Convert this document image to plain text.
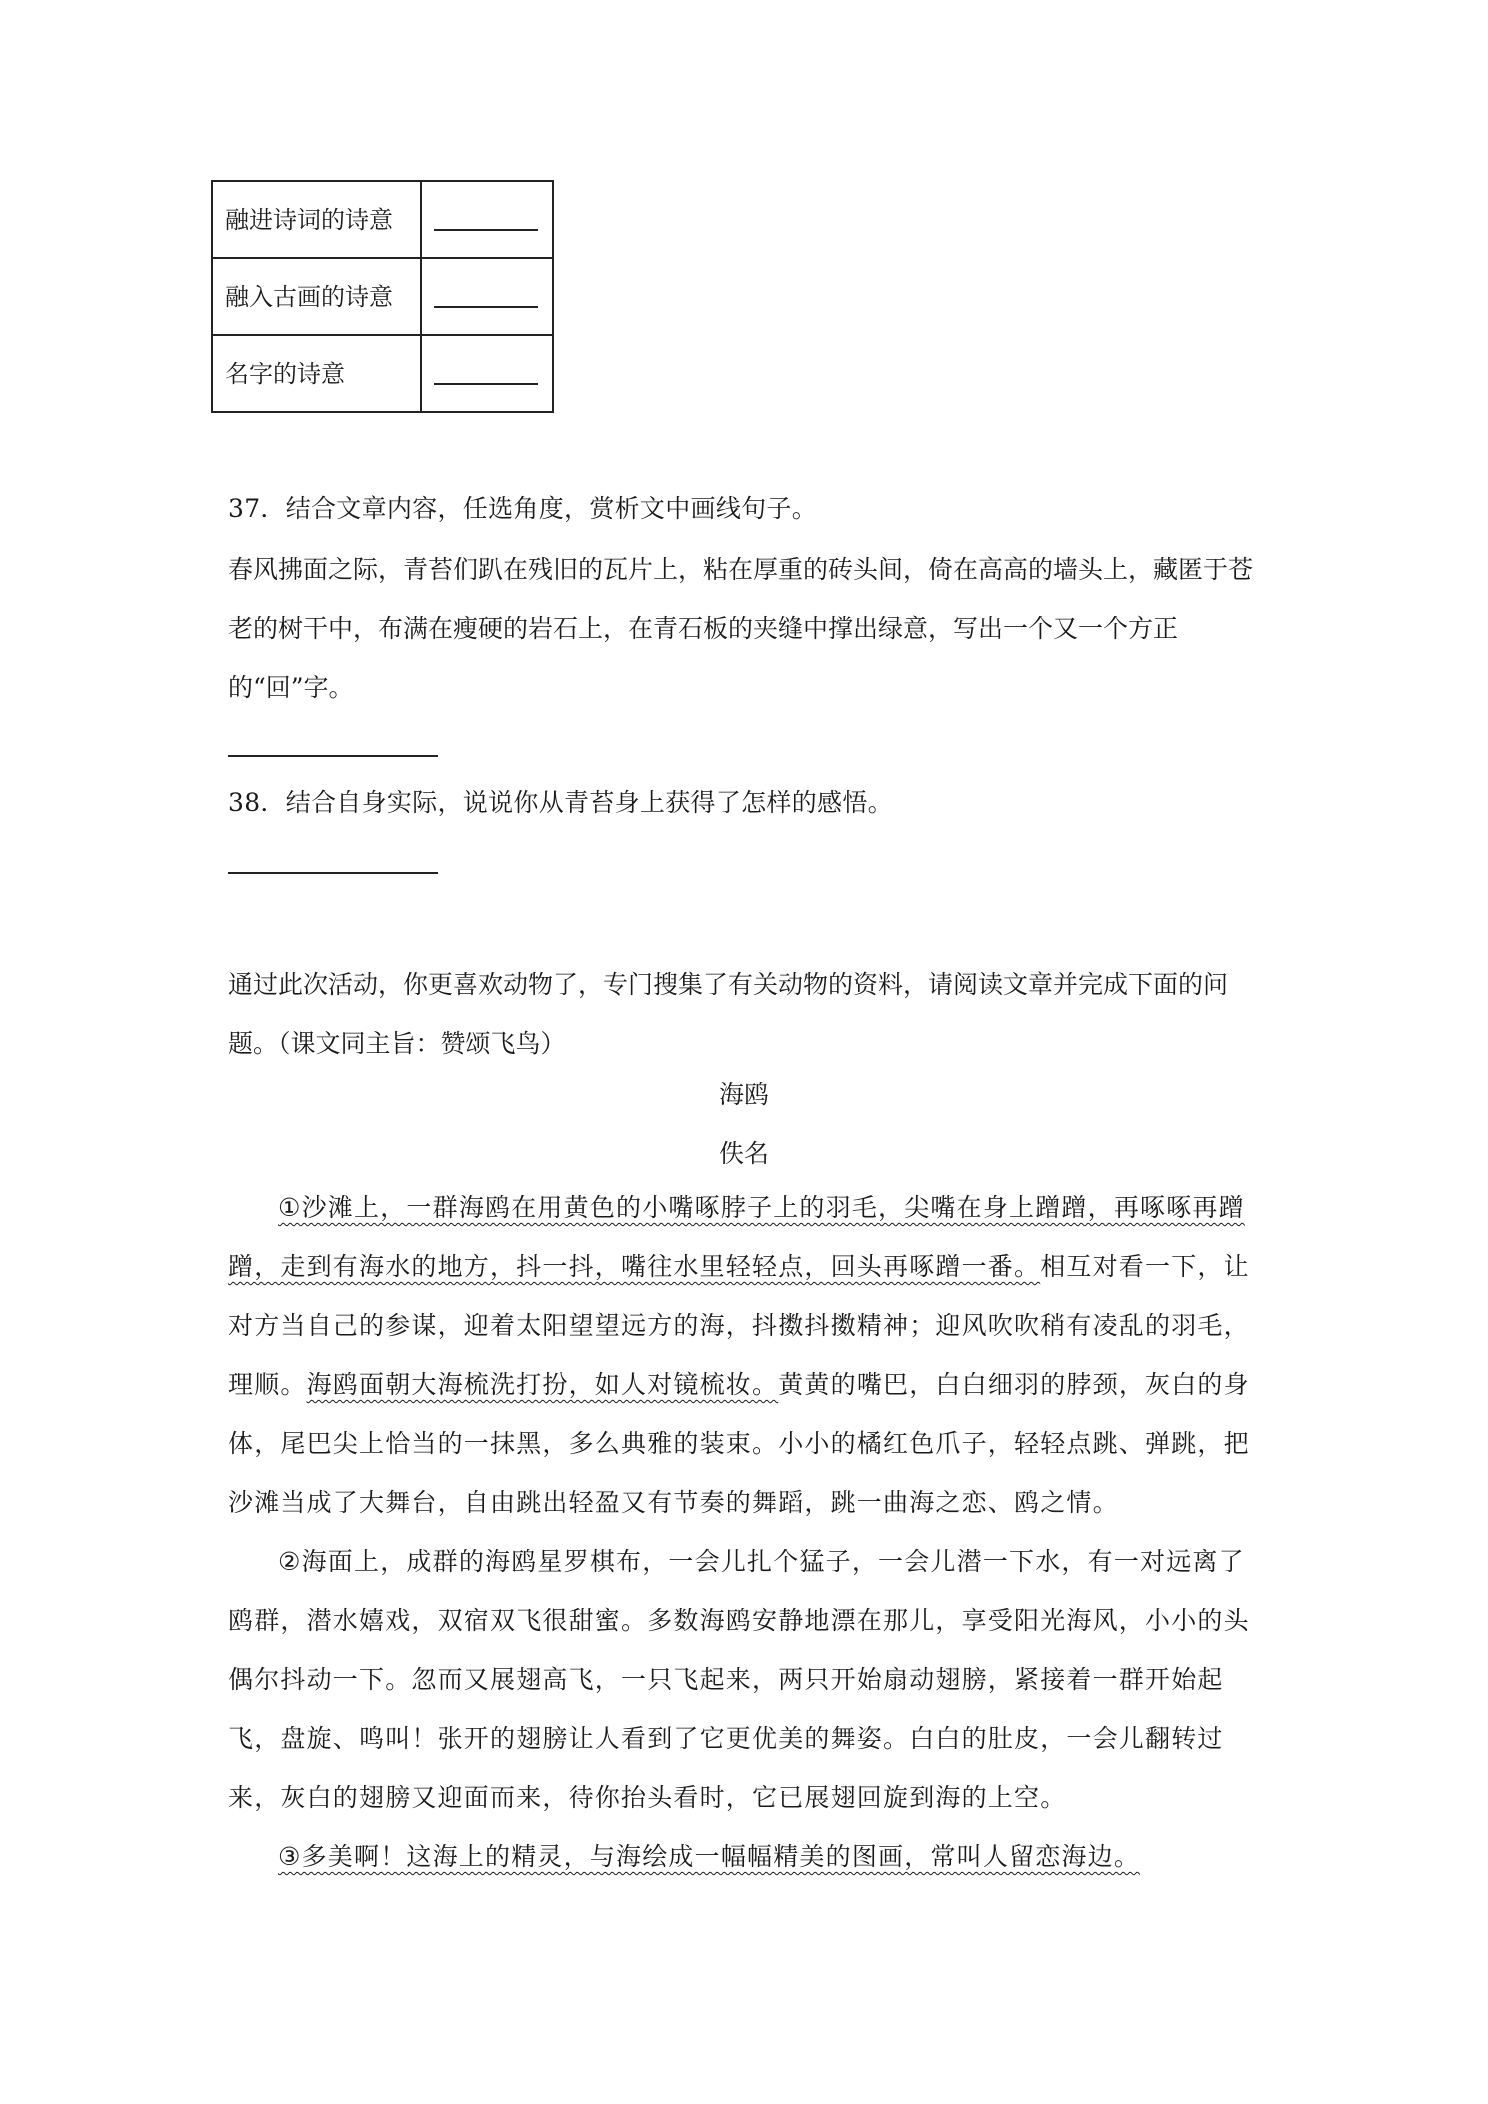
融进诗词的诗意	

融入古画的诗意	

名字的诗意	
37．结合文章内容，任选角度，赏析文中画线句子。
春风拂面之际，青苔们趴在残旧的瓦片上，粘在厚重的砖头间，倚在高高的墙头上，藏匿于苍老的树干中，布满在瘦硬的岩石上，在青石板的夹缝中撑出绿意，写出一个又一个方正的“回”字。
38．结合自身实际，说说你从青苔身上获得了怎样的感悟。
通过此次活动，你更喜欢动物了，专门搜集了有关动物的资料，请阅读文章并完成下面的问题。（课文同主旨：赞颂飞鸟）
海鸥
佚名

①沙滩上，一群海鸥在用黄色的小嘴啄脖子上的羽毛，尖嘴在身上蹭蹭，再啄啄再蹭蹭，走到有海水的地方，抖一抖，嘴往水里轻轻点，回头再啄蹭一番。相互对看一下，让对方当自己的参谋，迎着太阳望望远方的海，抖擞抖擞精神；迎风吹吹稍有凌乱的羽毛，理顺。海鸥面朝大海梳洗打扮，如人对镜梳妆。黄黄的嘴巴，白白细羽的脖颈，灰白的身体，尾巴尖上恰当的一抹黑，多么典雅的装束。小小的橘红色爪子，轻轻点跳、弹跳，把沙滩当成了大舞台，自由跳出轻盈又有节奏的舞蹈，跳一曲海之恋、鸥之情。

②海面上，成群的海鸥星罗棋布，一会儿扎个猛子，一会儿潜一下水，有一对远离了鸥群，潜水嬉戏，双宿双飞很甜蜜。多数海鸥安静地漂在那儿，享受阳光海风，小小的头偶尔抖动一下。忽而又展翅高飞，一只飞起来，两只开始扇动翅膀，紧接着一群开始起飞，盘旋、鸣叫！张开的翅膀让人看到了它更优美的舞姿。白白的肚皮，一会儿翻转过来，灰白的翅膀又迎面而来，待你抬头看时，它已展翅回旋到海的上空。

③多美啊！这海上的精灵，与海绘成一幅幅精美的图画，常叫人留恋海边。
